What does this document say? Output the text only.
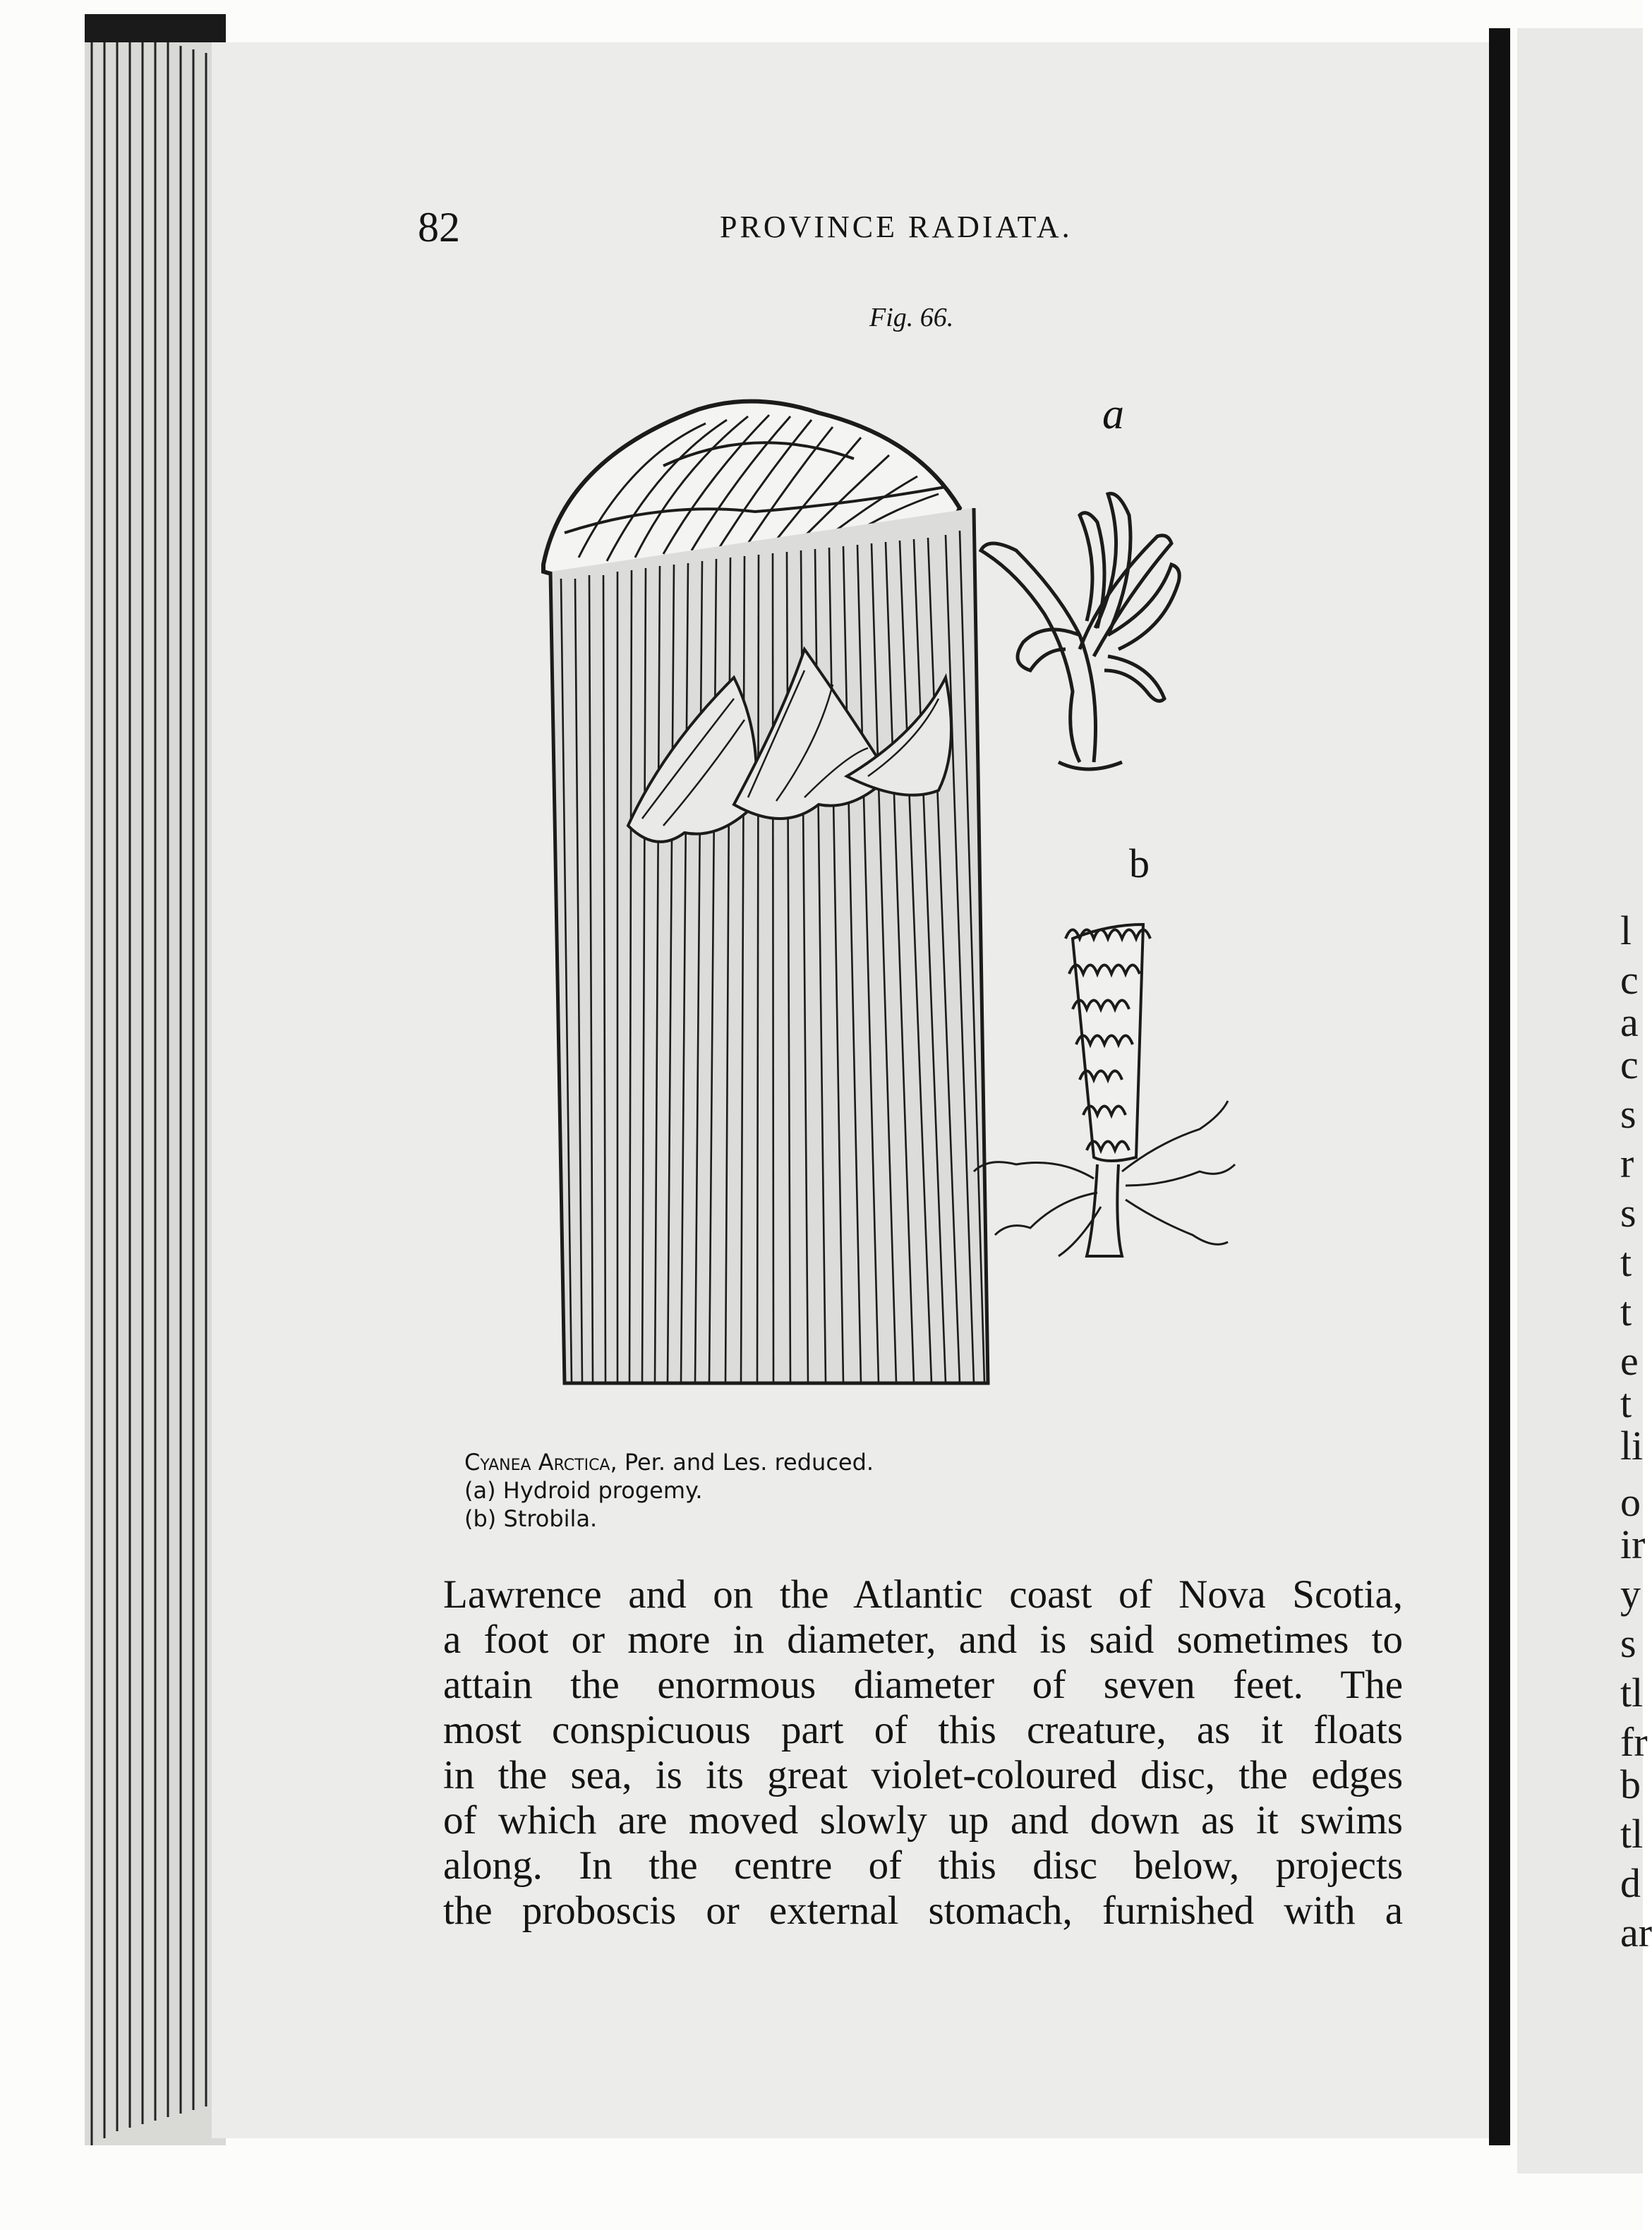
l
c
a
c
s
r
s
t
t
e
t
li
o
ir
y
s
tl
fr
b
tl
d
ar
82	PROVINCE RADIATA.
Fig. 66.
a
b
Cyanea Arctica, Per. and Les. reduced.
(a) Hydroid progemy.
(b) Strobila.
Lawrence and on the Atlantic coast of Nova Scotia,
a foot or more in diameter, and is said sometimes to
attain the enormous diameter of seven feet. The
most conspicuous part of this creature, as it floats
in the sea, is its great violet-coloured disc, the edges
of which are moved slowly up and down as it swims
along. In the centre of this disc below, projects
the proboscis or external stomach, furnished with a
